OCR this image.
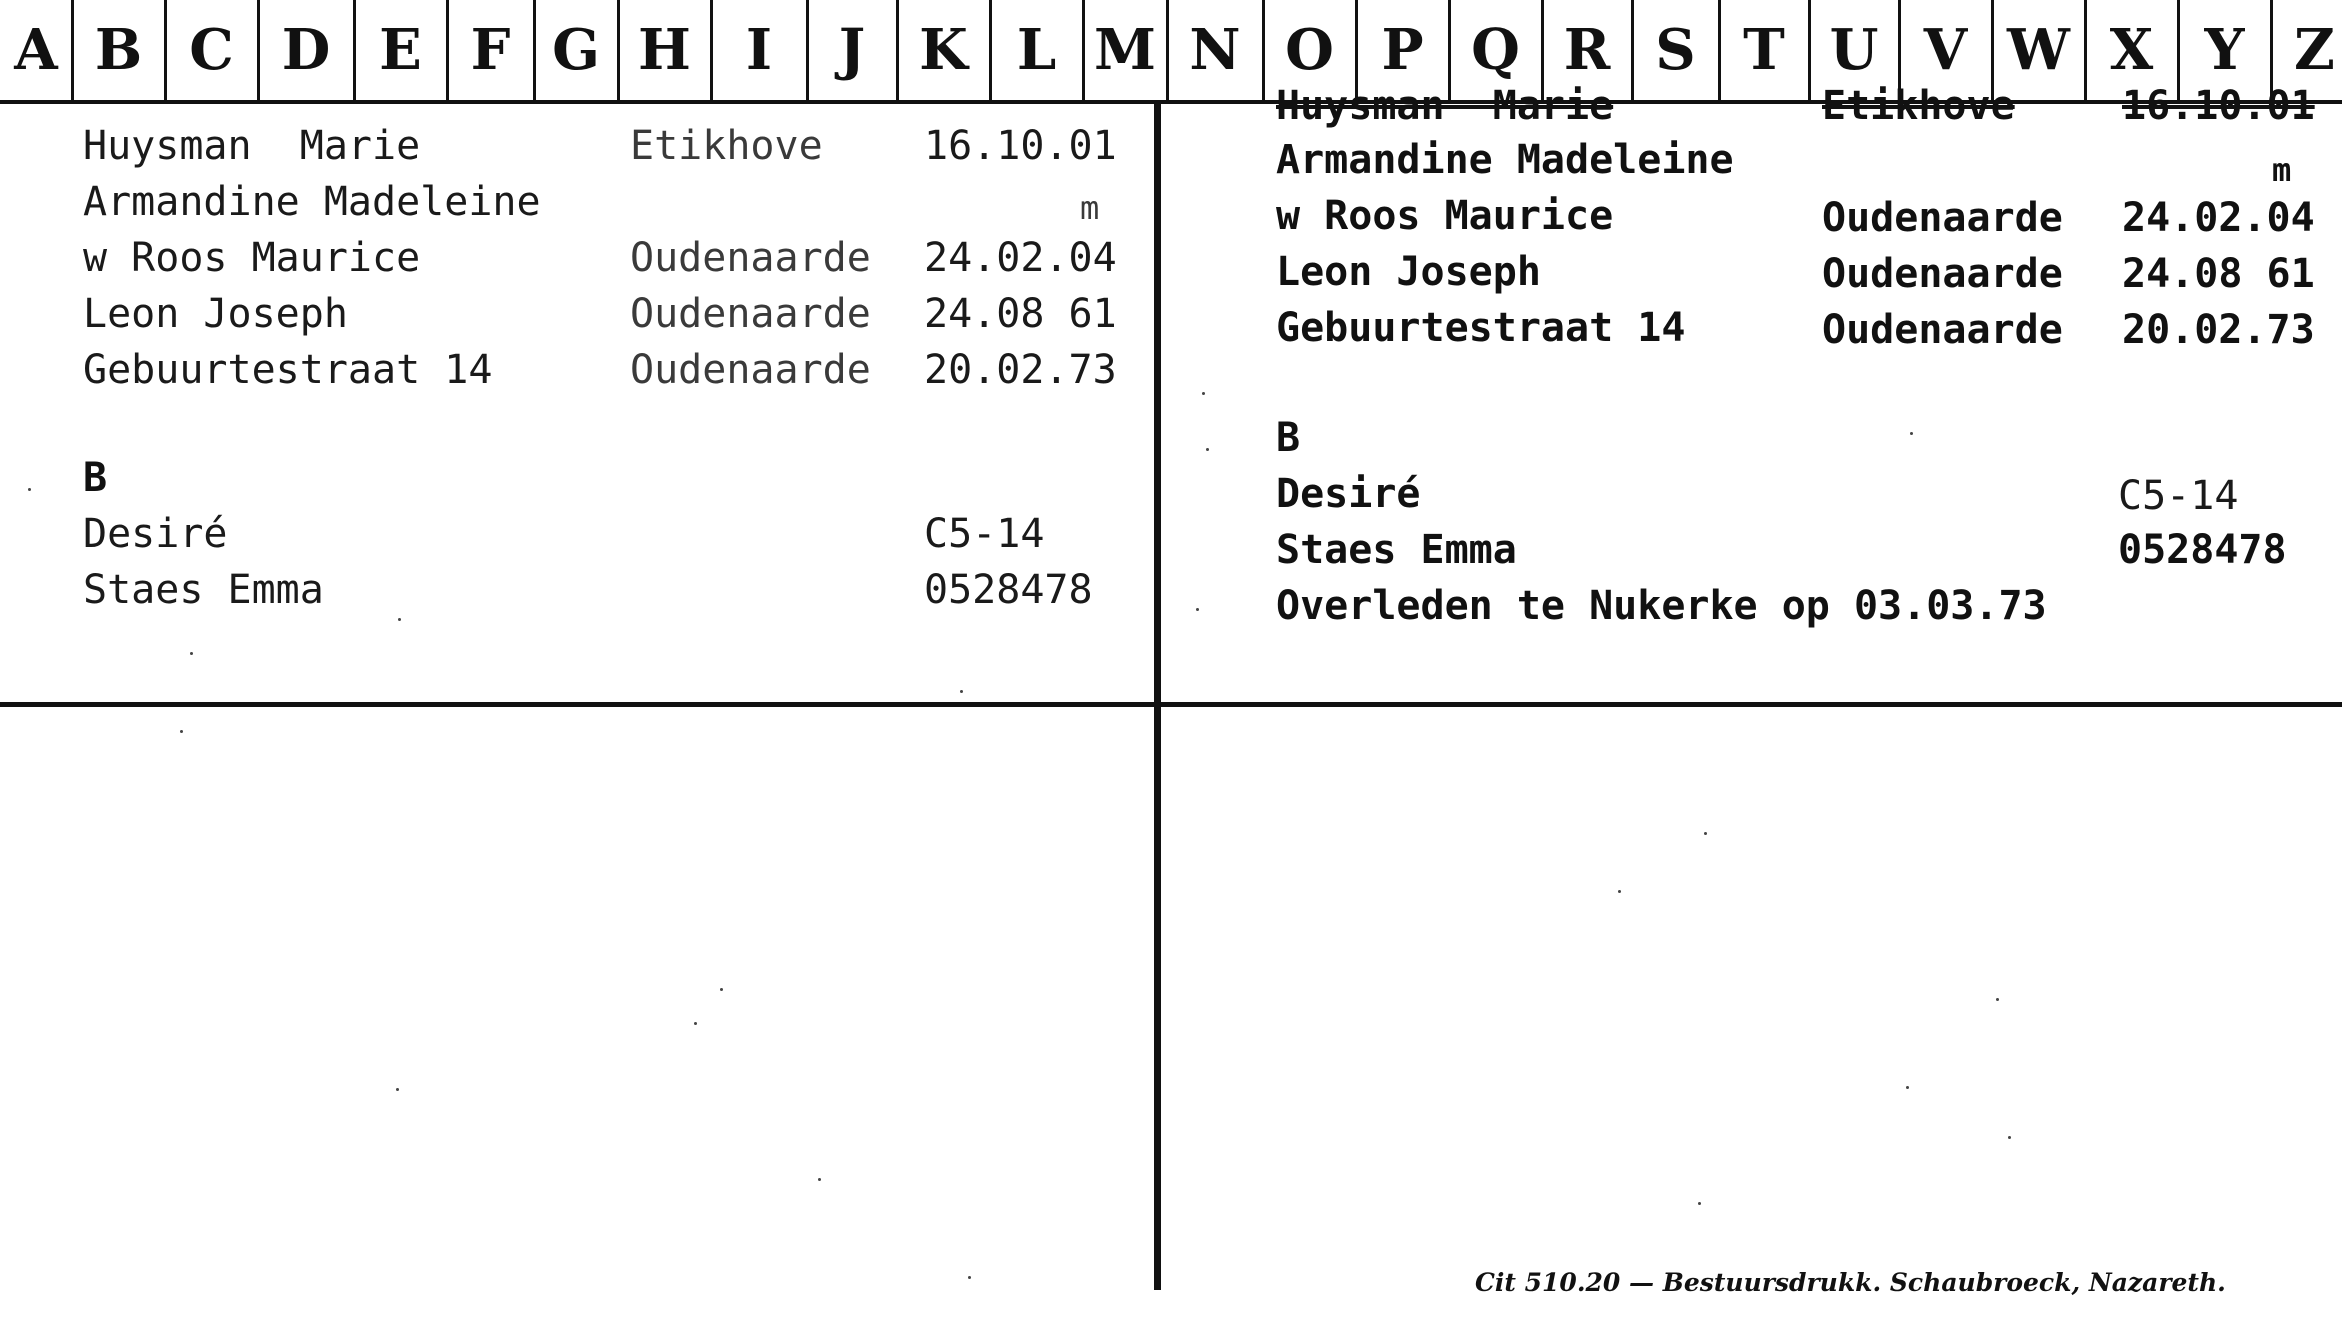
A B C D E F G H I	J K L M N O P Q R S T U V W X Y Z

Huysman  Marie	Etikhove	16.10.01

Armandine Madeleine	m

w Roos Maurice	Oudenaarde 24.02.04

Leon Joseph	Oudenaarde 24.08 61

Gebuurtestraat 14	Oudenaarde 20.02.73

B

Desiré	C5-14

Staes Emma	0528478

Huysman  Marie	Etikhove	16.10.01

Armandine Madeleine	m

w Roos Maurice	Oudenaarde 24.02.04

Leon Joseph	Oudenaarde 24.08 61

Gebuurtestraat 14	Oudenaarde 20.02.73

B

Desiré	C5-14

Staes Emma	0528478

Overleden te Nukerke op 03.03.73

Cit 510.20 — Bestuursdrukk. Schaubroeck, Nazareth.
